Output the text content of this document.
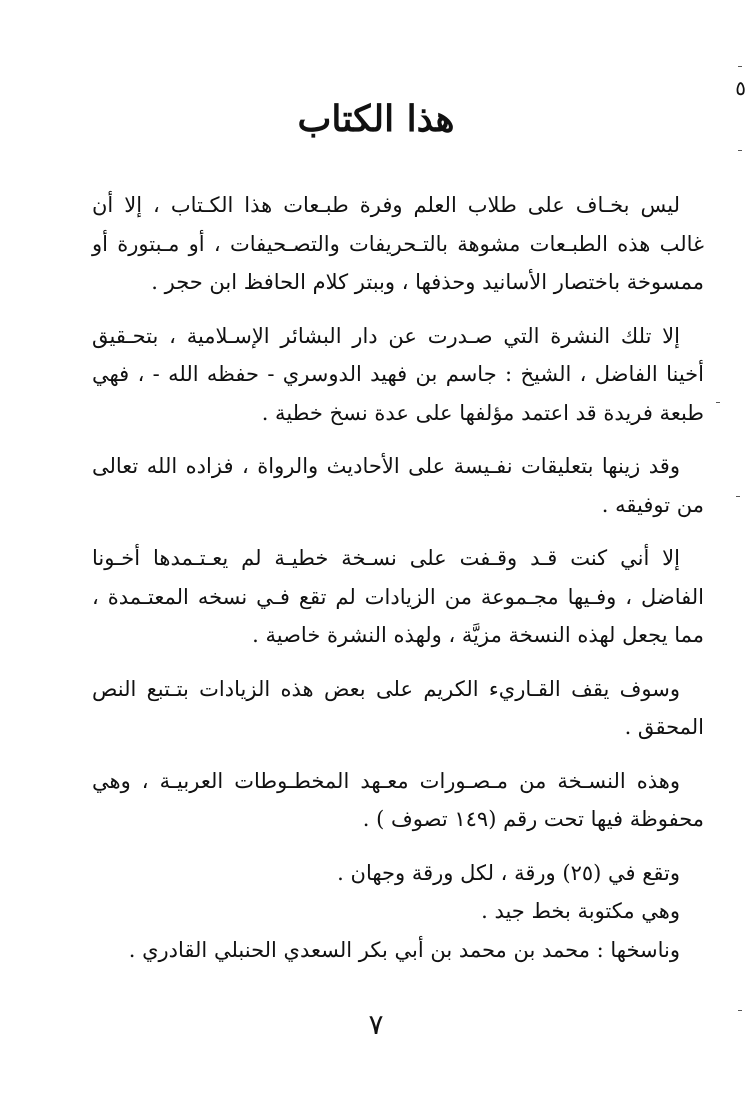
٥
هذا الكتاب

ليس بخـاف على طلاب العلم وفرة طبـعات هذا الكـتاب ، إلا أن غالب هذه الطبـعات مشوهة بالتـحريفات والتصـحيفات ، أو مـبتورة أو ممسوخة باختصار الأسانيد وحذفها ، وببتر كلام الحافظ ابن حجر .

إلا تلك النشرة التي صـدرت عن دار البشائر الإسـلامية ، بتحـقيق أخينا الفاضل ، الشيخ : جاسم بن فهيد الدوسري - حفظه الله - ، فهي طبعة فريدة قد اعتمد مؤلفها على عدة نسخ خطية .

وقد زينها بتعليقات نفـيسة على الأحاديث والرواة ، فزاده الله تعالى من توفيقه .

إلا أني كنت قـد وقـفت على نسـخة خطيـة لم يعـتـمدها أخـونا الفاضل ، وفـيها مجـموعة من الزيادات لم تقع فـي نسخه المعتـمدة ، مما يجعل لهذه النسخة مزيَّة ، ولهذه النشرة خاصية .

وسوف يقف القـاريء الكريم على بعض هذه الزيادات بتـتبع النص المحقق .

وهذه النسـخة من مـصـورات معـهد المخطـوطات العربيـة ، وهي محفوظة فيها تحت رقم (١٤٩ تصوف ) .

وتقع في (٢٥) ورقة ، لكل ورقة وجهان .

وهي مكتوبة بخط جيد .

وناسخها : محمد بن محمد بن أبي بكر السعدي الحنبلي القادري .

٧
